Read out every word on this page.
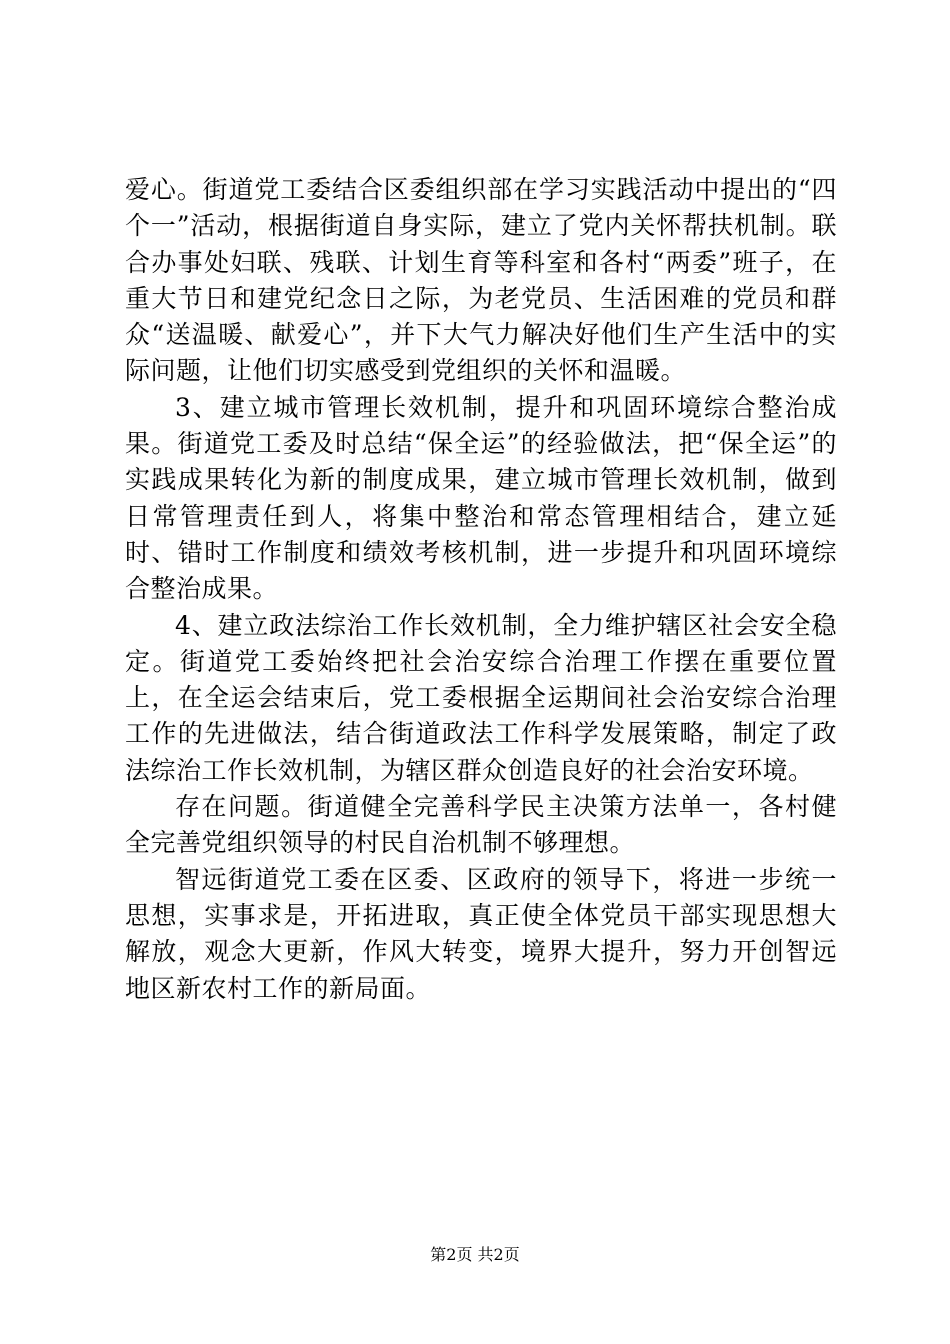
爱心。街道党工委结合区委组织部在学习实践活动中提出的“四个一”活动，根据街道自身实际，建立了党内关怀帮扶机制。联合办事处妇联、残联、计划生育等科室和各村“两委”班子，在重大节日和建党纪念日之际，为老党员、生活困难的党员和群众“送温暖、献爱心”，并下大气力解决好他们生产生活中的实际问题，让他们切实感受到党组织的关怀和温暖。

3、建立城市管理长效机制，提升和巩固环境综合整治成果。街道党工委及时总结“保全运”的经验做法，把“保全运”的实践成果转化为新的制度成果，建立城市管理长效机制，做到日常管理责任到人，将集中整治和常态管理相结合，建立延时、错时工作制度和绩效考核机制，进一步提升和巩固环境综合整治成果。

4、建立政法综治工作长效机制，全力维护辖区社会安全稳定。街道党工委始终把社会治安综合治理工作摆在重要位置上，在全运会结束后，党工委根据全运期间社会治安综合治理工作的先进做法，结合街道政法工作科学发展策略，制定了政法综治工作长效机制，为辖区群众创造良好的社会治安环境。

存在问题。街道健全完善科学民主决策方法单一，各村健全完善党组织领导的村民自治机制不够理想。

智远街道党工委在区委、区政府的领导下，将进一步统一思想，实事求是，开拓进取，真正使全体党员干部实现思想大解放，观念大更新，作风大转变，境界大提升，努力开创智远地区新农村工作的新局面。

第2页 共2页
